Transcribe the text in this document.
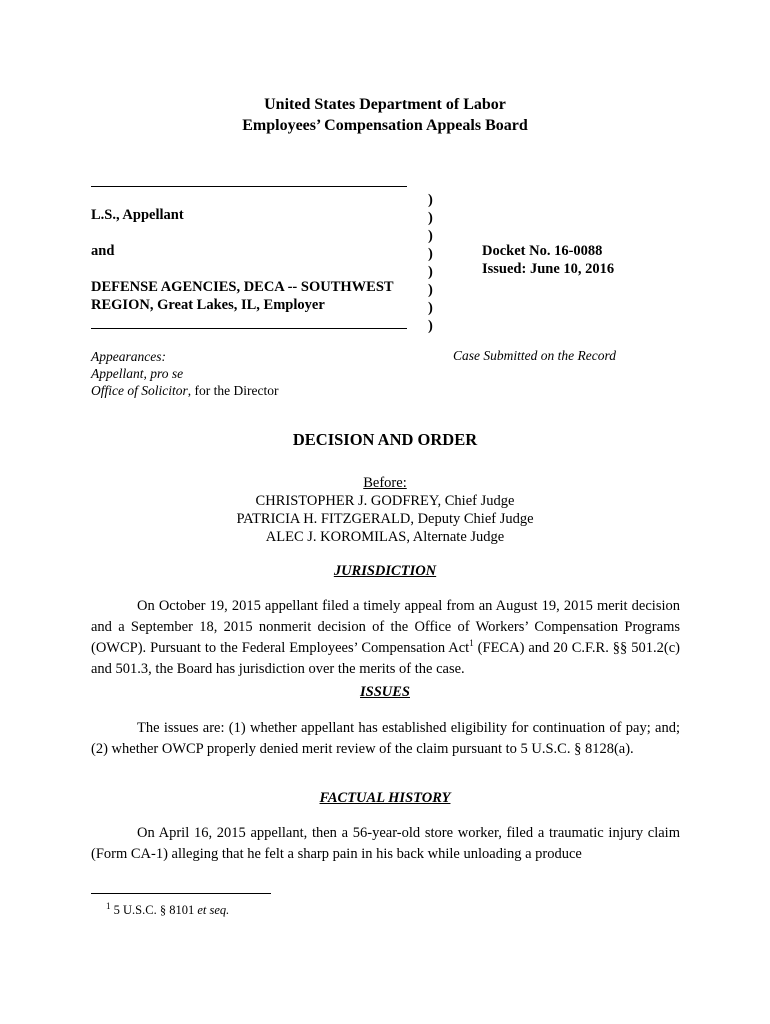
United States Department of Labor
Employees’ Compensation Appeals Board
)
)
)
)
)
)
)
)
L.S., Appellant
and
DEFENSE AGENCIES, DECA -- SOUTHWEST
REGION, Great Lakes, IL, Employer
Docket No. 16-0088
Issued: June 10, 2016
Appearances:
Appellant, pro se
Office of Solicitor, for the Director
Case Submitted on the Record
DECISION AND ORDER
Before:
CHRISTOPHER J. GODFREY, Chief Judge
PATRICIA H. FITZGERALD, Deputy Chief Judge
ALEC J. KOROMILAS, Alternate Judge
JURISDICTION

On October 19, 2015 appellant filed a timely appeal from an August 19, 2015 merit decision and a September 18, 2015 nonmerit decision of the Office of Workers’ Compensation Programs (OWCP). Pursuant to the Federal Employees’ Compensation Act$^1$ (FECA) and 20 C.F.R. §§ 501.2(c) and 501.3, the Board has jurisdiction over the merits of the case.

ISSUES

The issues are: (1) whether appellant has established eligibility for continuation of pay; and; (2) whether OWCP properly denied merit review of the claim pursuant to 5 U.S.C. § 8128(a).

FACTUAL HISTORY

On April 16, 2015 appellant, then a 56-year-old store worker, filed a traumatic injury claim (Form CA-1) alleging that he felt a sharp pain in his back while unloading a produce

$^1$ 5 U.S.C. § 8101 et seq.
